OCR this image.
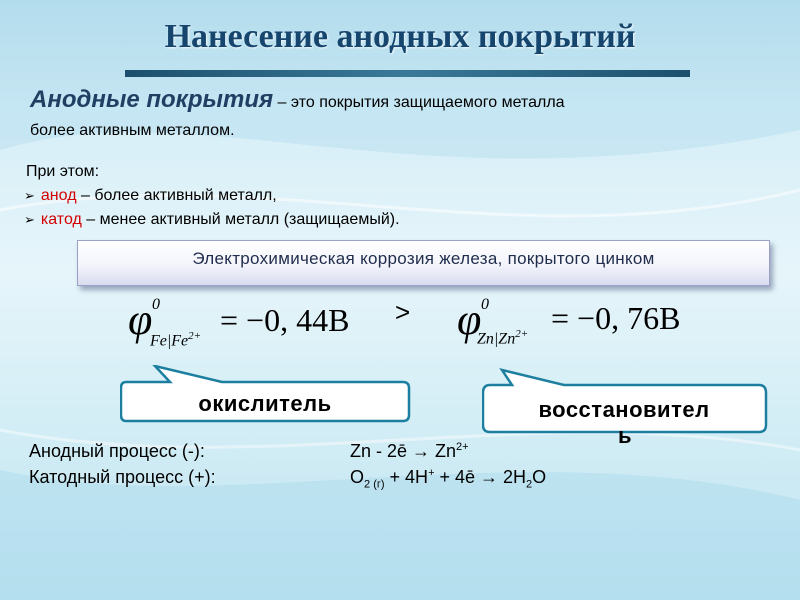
Нанесение анодных покрытий
Анодные покрытия – это покрытия защищаемого металла
более активным металлом.
При этом:
➢ анод – более активный металл,
➢ катод – менее активный металл (защищаемый).
Электрохимическая коррозия железа, покрытого цинком
φ 0
$Fe|Fe^{2+} = -0$, 44B > φ 0
$Zn|Zn^{2+} = -0$, 76B
окислитель	восстановител
ь
Анодный процесс (-):	Zn - 2ē → $Zn^{2+}$
Катодный процесс (+):	$O_{2 (г)} + 4H^+$ + 4ē → $2H_2O$
